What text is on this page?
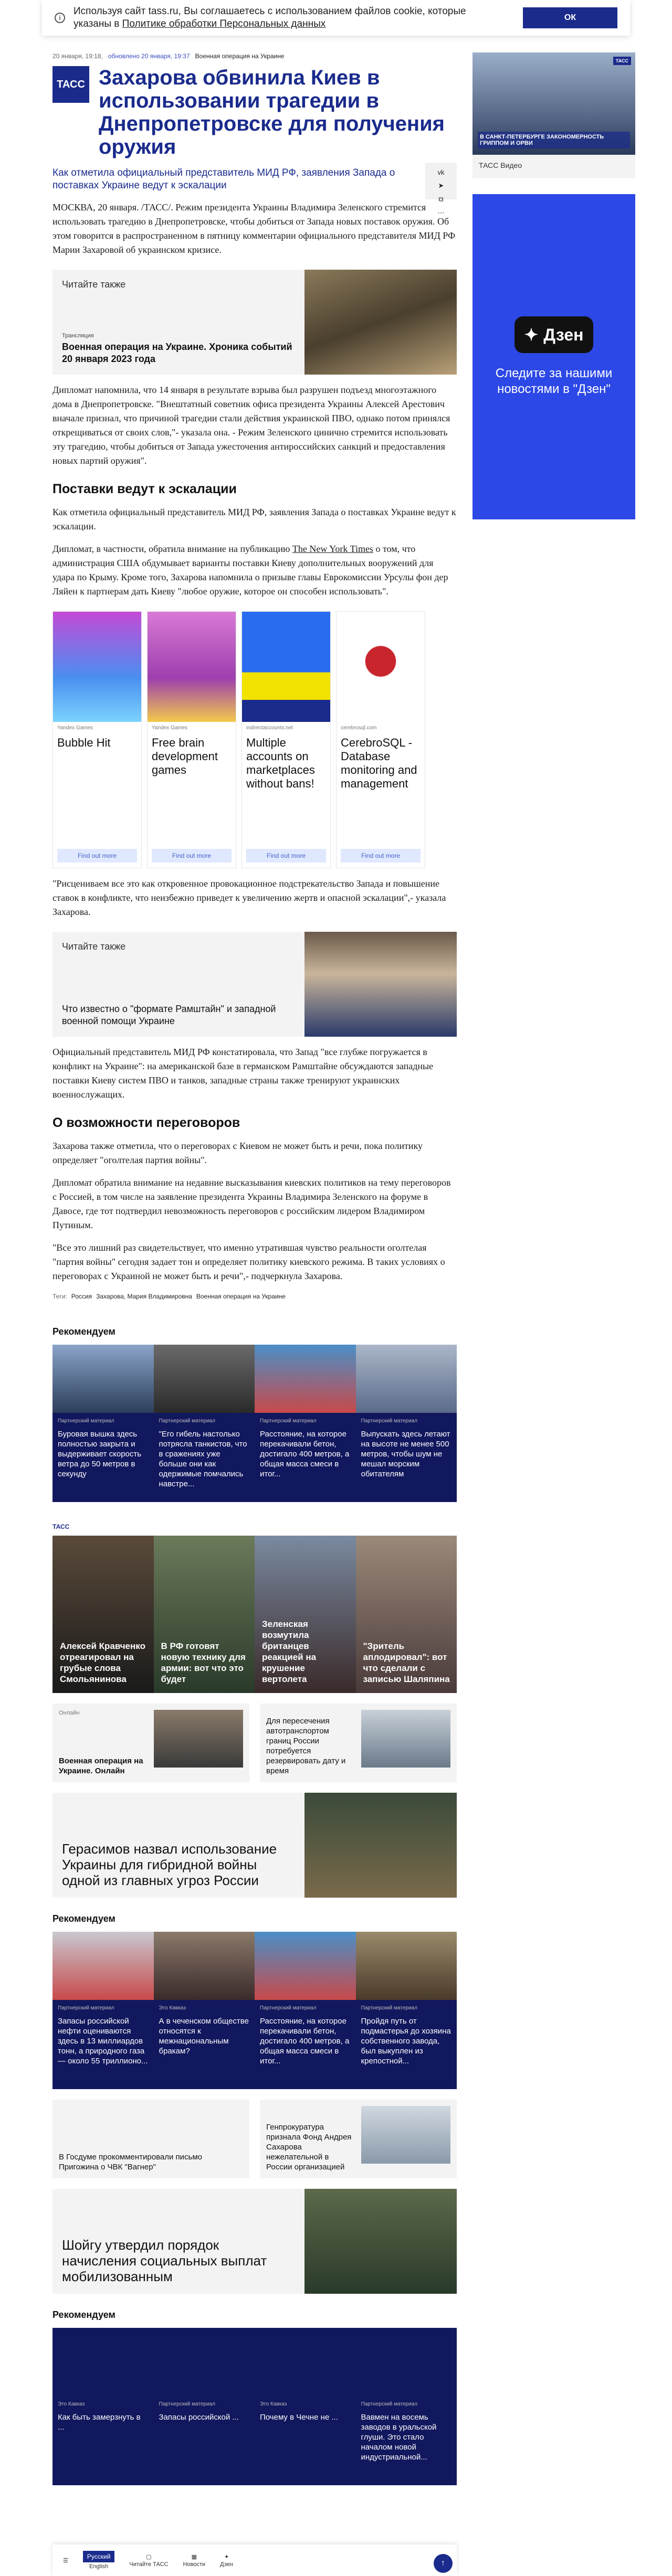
i
Используя сайт tass.ru, Вы соглашаетесь с использованием файлов cookie, которые указаны в Политике обработки Персональных данных
ОК
20 января, 19:18, обновлено 20 января, 19:37 Военная операция на Украине
ТАСС Захарова обвинила Киев в использовании трагедии в Днепропетровске для получения оружия
Как отметила официальный представитель МИД РФ, заявления Запада о поставках Украине ведут к эскалации
vk
➤
⧉
⋯

МОСКВА, 20 января. /ТАСС/. Режим президента Украины Владимира Зеленского стремится использовать трагедию в Днепропетровске, чтобы добиться от Запада новых поставок оружия. Об этом говорится в распространенном в пятницу комментарии официального представителя МИД РФ Марии Захаровой об украинском кризисе.

Читайте также
Трансляция
Военная операция на Украине. Хроника событий 20 января 2023 года

Дипломат напомнила, что 14 января в результате взрыва был разрушен подъезд многоэтажного дома в Днепропетровске. "Внештатный советник офиса президента Украины Алексей Арестович вначале признал, что причиной трагедии стали действия украинской ПВО, однако потом принялся открещиваться от своих слов,"- указала она. - Режим Зеленского цинично стремится использовать эту трагедию, чтобы добиться от Запада ужесточения антироссийских санкций и предоставления новых партий оружия".

Поставки ведут к эскалации

Как отметила официальный представитель МИД РФ, заявления Запада о поставках Украине ведут к эскалации.

Дипломат, в частности, обратила внимание на публикацию The New York Times о том, что администрация США обдумывает варианты поставки Киеву дополнительных вооружений для удара по Крыму. Кроме того, Захарова напомнила о призыве главы Еврокомиссии Урсулы фон дер Ляйен к партнерам дать Киеву "любое оружие, которое он способен использовать".

Yandex Games
Bubble Hit
Find out more
Yandex Games
Free brain development games
Find out more
indirectaccounts.net
Multiple accounts on marketplaces without bans!
Find out more
cerebrosql.com
CerebroSQL - Database monitoring and management
Find out more

"Рисценивaем все это как откровенное провокационное подстрекательство Запада и повышение ставок в конфликте, что неизбежно приведет к увеличению жертв и опасной эскалации",- указала Захарова.

Читайте также
Что известно о "формате Рамштайн" и западной военной помощи Украине

Официальный представитель МИД РФ констатировала, что Запад "все глубже погружается в конфликт на Украине": на американской базе в германском Рамштайне обсуждаются западные поставки Киеву систем ПВО и танков, западные страны также тренируют украинских военнослужащих.

О возможности переговоров

Захарова также отметила, что о переговорах с Киевом не может быть и речи, пока политику определяет "оголтелая партия войны".

Дипломат обратила внимание на недавние высказывания киевских политиков на тему переговоров с Россией, в том числе на заявление президента Украины Владимира Зеленского на форуме в Давосе, где тот подтвердил невозможность переговоров с российским лидером Владимиром Путиным.

"Все это лишний раз свидетельствует, что именно утратившая чувство реальности оголтелая "партия войны" сегодня задает тон и определяет политику киевского режима. В таких условиях о переговорах с Украиной не может быть и речи",- подчеркнула Захарова.

Теги: Россия Захарова, Мария Владимировна Военная операция на Украине
Рекомендуем
Партнерский материал
Буровая вышка здесь полностью закрыта и выдерживает скорость ветра до 50 метров в секунду
Партнерский материал
"Его гибель настолько потрясла танкистов, что в сражениях уже больше они как одержимые помчались навстре...
Партнерский материал
Расстояние, на которое перекачивали бетон, достигало 400 метров, а общая масса смеси в итог...
Партнерский материал
Выпускать здесь летают на высоте не менее 500 метров, чтобы шум не мешал морским обитателям
ТАСС
Алексей Кравченко отреагировал на грубые слова Смольянинова
В РФ готовят новую технику для армии: вот что это будет
Зеленская возмутила британцев реакцией на крушение вертолета
"Зритель аплодировал": вот что сделали с записью Шаляпина
Онлайн
Военная операция на Украине. Онлайн
Для пересечения автотранспортом границ России потребуется резервировать дату и время
Герасимов назвал использование Украины для гибридной войны одной из главных угроз России
Рекомендуем
Партнерский материал
Запасы российской нефти оцениваются здесь в 13 миллиардов тонн, а природного газа — около 55 триллионо...
Это Кавказ
А в чеченском обществе относятся к межнациональным бракам?
Партнерский материал
Расстояние, на которое перекачивали бетон, достигало 400 метров, а общая масса смеси в итог...
Партнерский материал
Пройдя путь от подмастерья до хозяина собственного завода, был выкуплен из крепостной...
В Госдуме прокомментировали письмо Пригожина о ЧВК "Вагнер"
Генпрокуратура признала Фонд Андрея Сахарова нежелательной в России организацией
Шойгу утвердил порядок начисления социальных выплат мобилизованным
Рекомендуем
Это Кавказ
Как быть замерзнуть в ...
Партнерский материал
Запасы российской ...
Это Кавказ
Почему в Чечне не ...
Партнерский материал
Вавмен на восемь заводов в уральской глуши. Это стало началом новой индустриальной...
ТАСС
В САНКТ-ПЕТЕРБУРГЕ ЗАКОНОМЕРНОСТЬ ГРИППОМ И ОРВИ
ТАСС Видео
✦ Дзен
Следите за нашими новостями в "Дзен"
☰
Русский
English
▢
Читайте ТАСС
▦
Новости
✦
Дзен	↑
